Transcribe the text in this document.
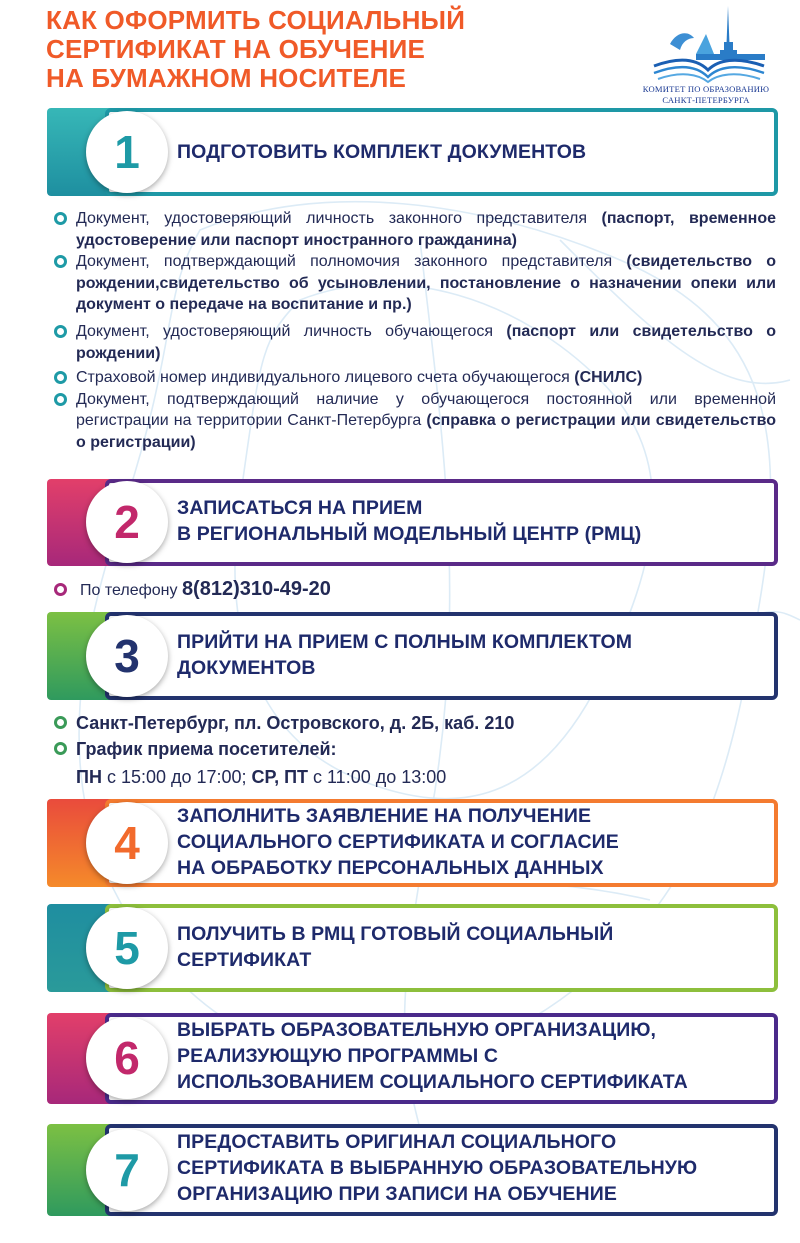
КАК ОФОРМИТЬ СОЦИАЛЬНЫЙ
СЕРТИФИКАТ НА ОБУЧЕНИЕ
НА БУМАЖНОМ НОСИТЕЛЕ	КОМИТЕТ ПО ОБРАЗОВАНИЮ
САНКТ-ПЕТЕРБУРГА
1 ПОДГОТОВИТЬ КОМПЛЕКТ ДОКУМЕНТОВ
Документ, удостоверяющий личность законного представителя (паспорт, временное удостоверение или паспорт иностранного гражданина)
Документ, подтверждающий полномочия законного представителя (свидетельство о рождении,свидетельство об усыновлении, постановление о назначении опеки или документ о передаче на воспитание и пр.)
Документ, удостоверяющий личность обучающегося (паспорт или свидетельство о рождении)
Страховой номер индивидуального лицевого счета обучающегося (СНИЛС)
Документ, подтверждающий наличие у обучающегося постоянной или временной регистрации на территории Санкт-Петербурга (справка о регистрации или свидетельство о регистрации)
2 ЗАПИСАТЬСЯ НА ПРИЕМ
В РЕГИОНАЛЬНЫЙ МОДЕЛЬНЫЙ ЦЕНТР (РМЦ)
По телефону 8(812)310-49-20
3 ПРИЙТИ НА ПРИЕМ С ПОЛНЫМ КОМПЛЕКТОМ
ДОКУМЕНТОВ
Санкт-Петербург, пл. Островского, д. 2Б, каб. 210
График приема посетителей:
ПН с 15:00 до 17:00; СР, ПТ с 11:00 до 13:00
4
ЗАПОЛНИТЬ ЗАЯВЛЕНИЕ НА ПОЛУЧЕНИЕ
СОЦИАЛЬНОГО СЕРТИФИКАТА И СОГЛАСИЕ
НА ОБРАБОТКУ ПЕРСОНАЛЬНЫХ ДАННЫХ
5 ПОЛУЧИТЬ В РМЦ ГОТОВЫЙ СОЦИАЛЬНЫЙ
СЕРТИФИКАТ
6
ВЫБРАТЬ ОБРАЗОВАТЕЛЬНУЮ ОРГАНИЗАЦИЮ,
РЕАЛИЗУЮЩУЮ ПРОГРАММЫ С
ИСПОЛЬЗОВАНИЕМ СОЦИАЛЬНОГО СЕРТИФИКАТА
7
ПРЕДОСТАВИТЬ ОРИГИНАЛ СОЦИАЛЬНОГО
СЕРТИФИКАТА В ВЫБРАННУЮ ОБРАЗОВАТЕЛЬНУЮ
ОРГАНИЗАЦИЮ ПРИ ЗАПИСИ НА ОБУЧЕНИЕ
